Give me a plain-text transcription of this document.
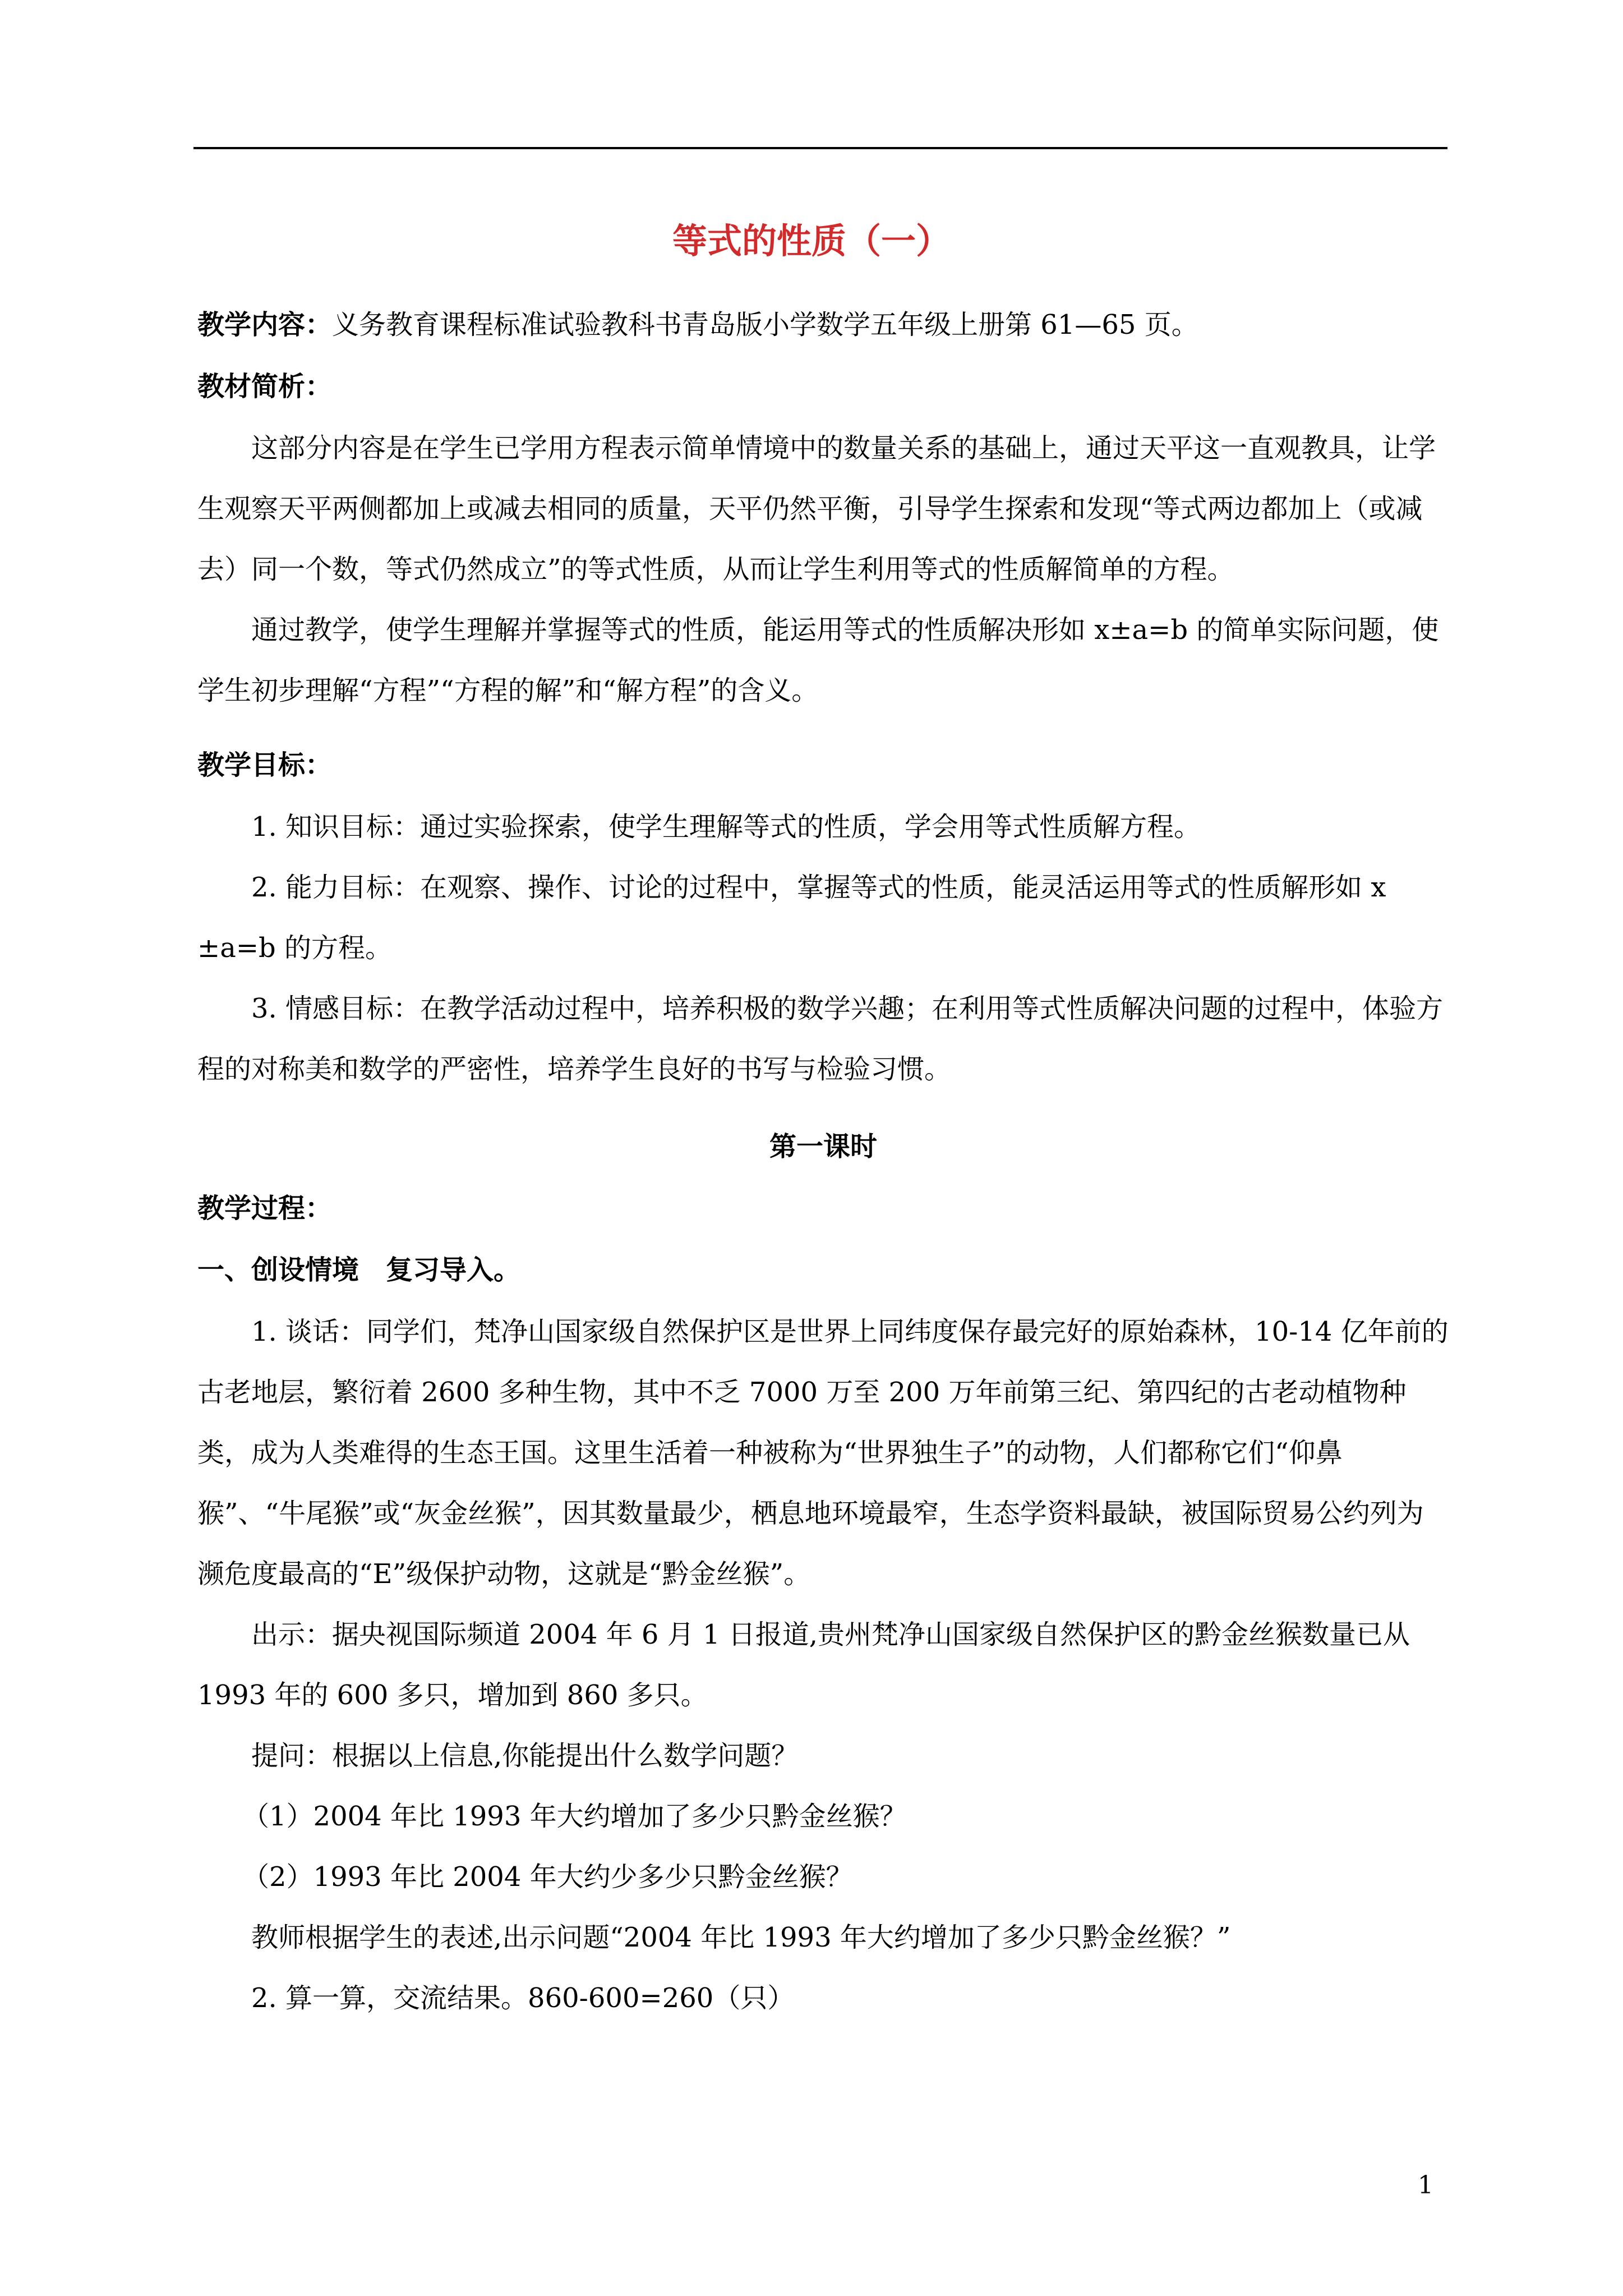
等式的性质（一）

教学内容：义务教育课程标准试验教科书青岛版小学数学五年级上册第 61—65 页。

教材简析：

这部分内容是在学生已学用方程表示简单情境中的数量关系的基础上，通过天平这一直观教具，让学生观察天平两侧都加上或减去相同的质量，天平仍然平衡，引导学生探索和发现“等式两边都加上（或减去）同一个数，等式仍然成立”的等式性质，从而让学生利用等式的性质解简单的方程。

通过教学，使学生理解并掌握等式的性质，能运用等式的性质解决形如 x±a=b 的简单实际问题，使学生初步理解“方程”“方程的解”和“解方程”的含义。

教学目标：

1. 知识目标：通过实验探索，使学生理解等式的性质，学会用等式性质解方程。

2. 能力目标：在观察、操作、讨论的过程中，掌握等式的性质，能灵活运用等式的性质解形如 x ±a=b 的方程。

3. 情感目标：在教学活动过程中，培养积极的数学兴趣；在利用等式性质解决问题的过程中，体验方程的对称美和数学的严密性，培养学生良好的书写与检验习惯。

第一课时

教学过程：

一、创设情境　复习导入。

1. 谈话：同学们，梵净山国家级自然保护区是世界上同纬度保存最完好的原始森林，10-14 亿年前的古老地层，繁衍着 2600 多种生物，其中不乏 7000 万至 200 万年前第三纪、第四纪的古老动植物种类，成为人类难得的生态王国。这里生活着一种被称为“世界独生子”的动物，人们都称它们“仰鼻猴”、“牛尾猴”或“灰金丝猴”，因其数量最少，栖息地环境最窄，生态学资料最缺，被国际贸易公约列为濒危度最高的“E”级保护动物，这就是“黔金丝猴”。

出示：据央视国际频道 2004 年 6 月 1 日报道,贵州梵净山国家级自然保护区的黔金丝猴数量已从 1993 年的 600 多只，增加到 860 多只。

提问：根据以上信息,你能提出什么数学问题？

（1）2004 年比 1993 年大约增加了多少只黔金丝猴？

（2）1993 年比 2004 年大约少多少只黔金丝猴？

教师根据学生的表述,出示问题“2004 年比 1993 年大约增加了多少只黔金丝猴？”

2. 算一算，交流结果。860-600=260（只）

1
